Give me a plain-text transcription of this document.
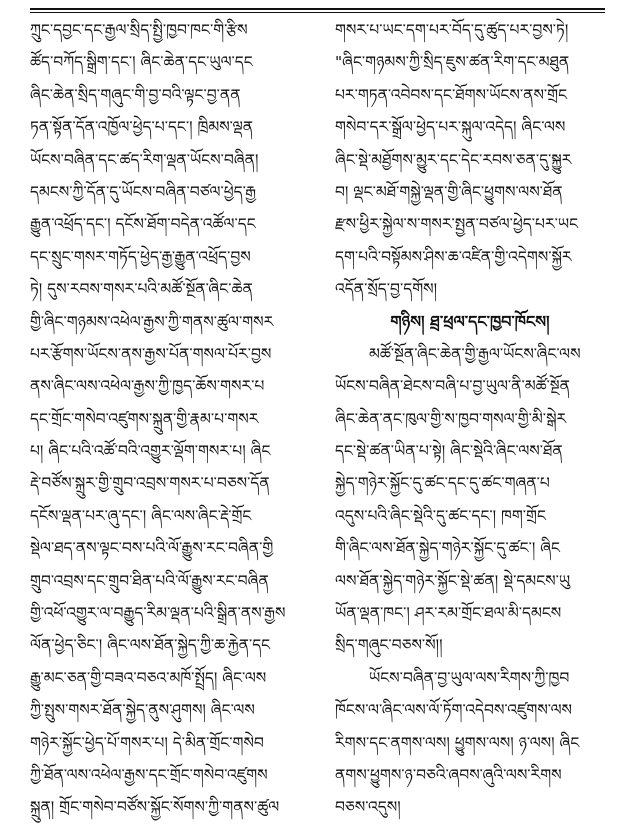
ཀྲུང་དབྱང་དང་རྒྱལ་སྲིད་སྤྱི་ཁྱབ་ཁང་གི་རྩིས
ཚོད་བཀོད་སྒྲིག་དང་། ཞིང་ཆེན་དང་ཡུལ་དང
ཞིང་ཆེན་སྲིད་གཞུང་གི་བྱ་བའི་ལྟང་བྱ་ནན
ཏན་སྟོན་དོན་འཁྱོལ་ཕྱེད་པ་དང་། ཁྲིམས་ལྡན
ཡོངས་བཞིན་དང་ཚད་རིག་ལྡན་ཡོངས་བཞིན།
དམངས་ཀྱི་དོན་དུ་ཡོངས་བཞིན་བཙལ་ཕྱེད་རྒྱ
རྒྱུན་འཕྲོད་དང་། དངོས་ཐོག་བདེན་འཚོལ་དང
དང་སྲུང་གསར་གཏོད་ཕྱེད་རྒྱ་རྒྱུན་འཕྲོད་བྱས
ཏེ། དུས་རབས་གསར་པའི་མཚོ་སྔོན་ཞིང་ཆེན
གྱི་ཞིང་གཉམས་འཕེལ་རྒྱས་ཀྱི་གནས་ཚུལ་གསར
པར་རྩོགས་ཡོངས་ནས་རྒྱས་པོན་གསལ་པོར་བྱས
ནས་ཞིང་ལས་འཕེལ་རྒྱས་ཀྱི་ཁྱད་ཆོས་གསར་པ
དང་གྲོང་གསེབ་འཛུགས་སྐྲུན་གྱི་རྣམ་པ་གསར
པ། ཞིང་པའི་འཚོ་བའི་འགྱུར་ལྡོག་གསར་པ། ཞིང
རྡེ་བཙོས་སྐྲུར་གྱི་གྲུབ་འབྲས་གསར་པ་བཅས་དོན
དངོས་ལྡན་པར་ཞུ་དང་། ཞིང་ལས་ཞིང་རྡེ་གྲོང
སྡེལ་ཐད་ནས་ལྟང་བས་པའི་ལོ་རྒྱུས་རང་བཞིན་གྱི
གྲུབ་འབྲས་དང་གྲུབ་ཐིན་པའི་ལོ་རྒྱུས་རང་བཞིན
གྱི་འཕོ་འགྱུར་ལ་བརྒྱུད་རིམ་ལྡན་པའི་སྒྲིན་ནས་རྒྱས
ལོན་ཕྱེད་ཅིང་། ཞིང་ལས་ཐོན་སྐྱེད་ཀྱི་ཆ་རྐྱེན་དང
རྒྱུ་མང་ཅན་གྱི་བཟའ་བཅའ་མཁོ་སྤྲོད། ཞིང་ལས
ཀྱི་སྤུས་གསར་ཐོན་སྐྱེད་ནུས་ཤུགས། ཞིང་ལས
གཉེར་སྐྱོང་ཕྱེད་པོ་གསར་པ། དེ་མིན་གྲོང་གསེབ
ཀྱི་ཐོན་ལས་འཕེལ་རྒྱས་དང་གྲོང་གསེབ་འཛུགས
སྐྲུན། གྲོང་གསེབ་བཙོས་སྐྱོང་སོགས་ཀྱི་གནས་ཚུལ
གསར་པ་ཡང་དག་པར་བོད་དུ་ཚུད་པར་བྱས་ཏེ།
"ཞིང་གཉམས་ཀྱི་སྲིད་ཇུས་ཚན་རིག་དང་མཐུན
པར་གཏན་འབེབས་དང་ཐོགས་ཡོངས་ནས་གྲོང
གསེབ་དར་སྒྲོལ་ཕྱེད་པར་སྐུལ་འདེད། ཞིང་ལས
ཞིང་སྡེ་མཐྱོགས་མྱུར་དང་དེང་རབས་ཅན་དུ་སྐྱུར
བ། ལྡང་མཐོ་གསྐྱེ་ལྡན་གྱི་ཞིང་ཕྱུགས་ལས་ཐོན
རྫས་ཕྱིར་སྐྱེལ་ས་གསར་སྤྱན་བཙལ་ཕྱེད་པར་ཡང
དག་པའི་བསྟོམས་ཤིས་ཆ་འཛིན་གྱི་འདེགས་སྐྱོར
འདོན་སྲོད་བྱ་དགོས།
གཉིས། ཐྲ་ཕྲལ་དང་ཁྱབ་ཁོངས།
མཚོ་སྔོན་ཞིང་ཆེན་གྱི་རྒྱལ་ཡོངས་ཞིང་ལས
ཡོངས་བཞིན་ཐེངས་བཞི་པ་བྱ་ཡུལ་ནི་མཚོ་སྔོན
ཞིང་ཆེན་ནང་ཁུལ་གྱི་ས་ཁྱབ་གསལ་གྱི་མི་སྒེར
དང་སྡེ་ཚན་ཡིན་པ་སྟེ། ཞིང་སྡེའི་ཞིང་ལས་ཐོན
སྐྱེད་གཉེར་སྐྱོང་དུ་ཚང་དང་དུ་ཚང་གཞན་པ
འདུས་པའི་ཞིང་སྡེའི་དུ་ཚང་དང་། ཁག་གྲོང
གི་ཞིང་ལས་ཐོན་སྐྱེད་གཉེར་སྐྱོང་དུ་ཚང་། ཞིང
ལས་ཐོན་སྐྱེད་གཉེར་སྐྱོང་སྡེ་ཚན། སྡེ་དམངས་ཡུ
ཡོན་ལྡན་ཁང་། ཤར་རམ་གྲོང་ཐལ་མི་དམངས
སྲིད་གཞུང་བཅས་སོ།།
ཡོངས་བཞིན་བྱ་ཡུལ་ལས་རིགས་ཀྱི་ཁྱབ
ཁོངས་ལ་ཞིང་ལས་ལོ་ཏོག་འདེབས་འཛུགས་ལས
རིགས་དང་ནགས་ལས། ཕྱུགས་ལས། ཉ་ལས། ཞིང
ནགས་ཕྱུགས་ཉ་བཅའི་ཞབས་ཞུའི་ལས་རིགས
བཅས་འདུས།
